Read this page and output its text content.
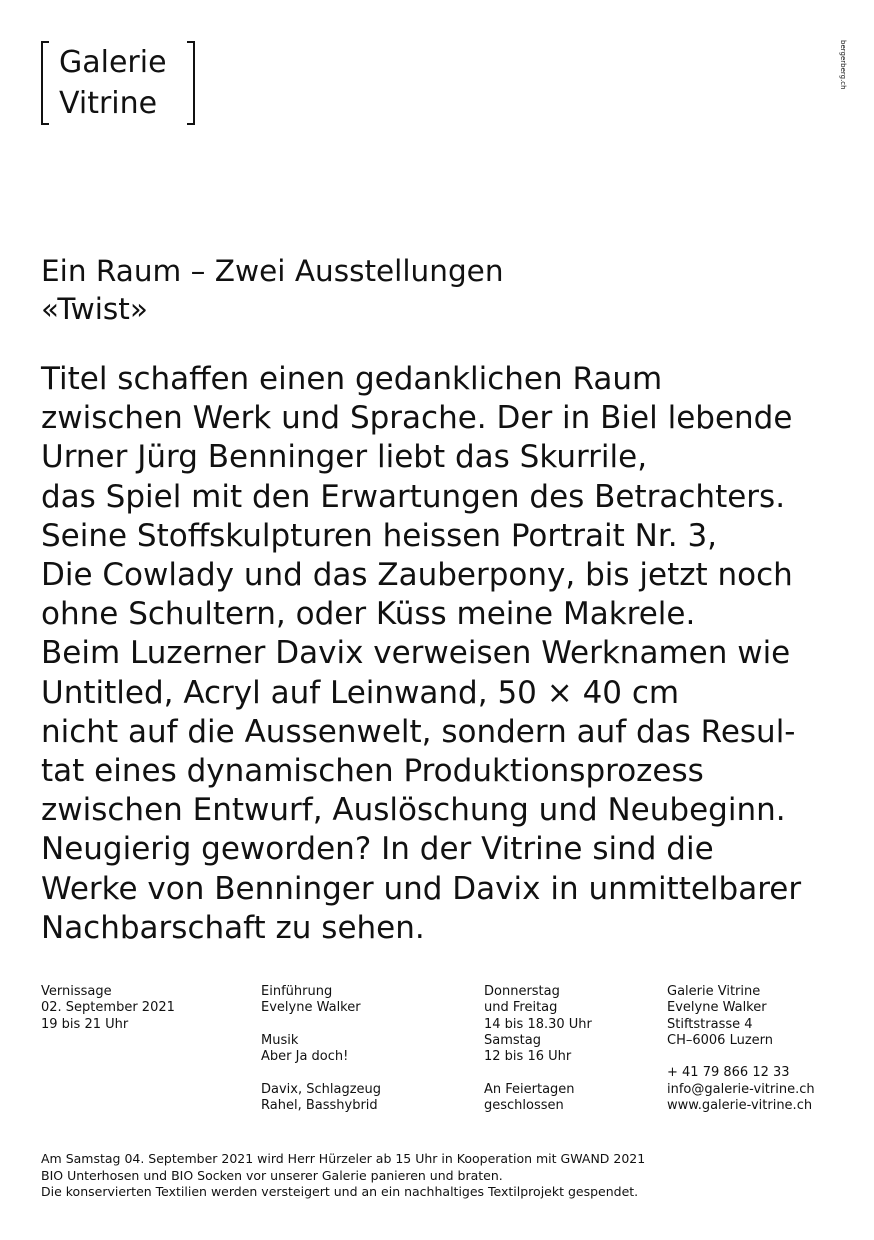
Galerie
Vitrine
bergerberg.ch
Ein Raum – Zwei Ausstellungen
«Twist»
Titel schaffen einen gedanklichen Raum
zwischen Werk und Sprache. Der in Biel lebende
Urner Jürg Benninger liebt das Skurrile,
das Spiel mit den Erwartungen des Betrachters.
Seine Stoffskulpturen heissen Portrait Nr. 3,
Die Cowlady und das Zauberpony, bis jetzt noch
ohne Schultern, oder Küss meine Makrele.
Beim Luzerner Davix verweisen Werknamen wie
Untitled, Acryl auf Leinwand, 50 × 40 cm
nicht auf die Aussenwelt, sondern auf das Resul-
tat eines dynamischen Produktionsprozess
zwischen Entwurf, Auslöschung und Neubeginn.
Neugierig geworden? In der Vitrine sind die
Werke von Benninger und Davix in unmittelbarer
Nachbarschaft zu sehen.
Vernissage
02. September 2021
19 bis 21 Uhr
Einführung
Evelyne Walker
Musik
Aber Ja doch!
Davix, Schlagzeug
Rahel, Basshybrid
Donnerstag
und Freitag
14 bis 18.30 Uhr
Samstag
12 bis 16 Uhr
An Feiertagen
geschlossen
Galerie Vitrine
Evelyne Walker
Stiftstrasse 4
CH–6006 Luzern
+ 41 79 866 12 33
info@galerie-vitrine.ch
www.galerie-vitrine.ch
Am Samstag 04. September 2021 wird Herr Hürzeler ab 15 Uhr in Kooperation mit GWAND 2021
BIO Unterhosen und BIO Socken vor unserer Galerie panieren und braten.
Die konservierten Textilien werden versteigert und an ein nachhaltiges Textilprojekt gespendet.
